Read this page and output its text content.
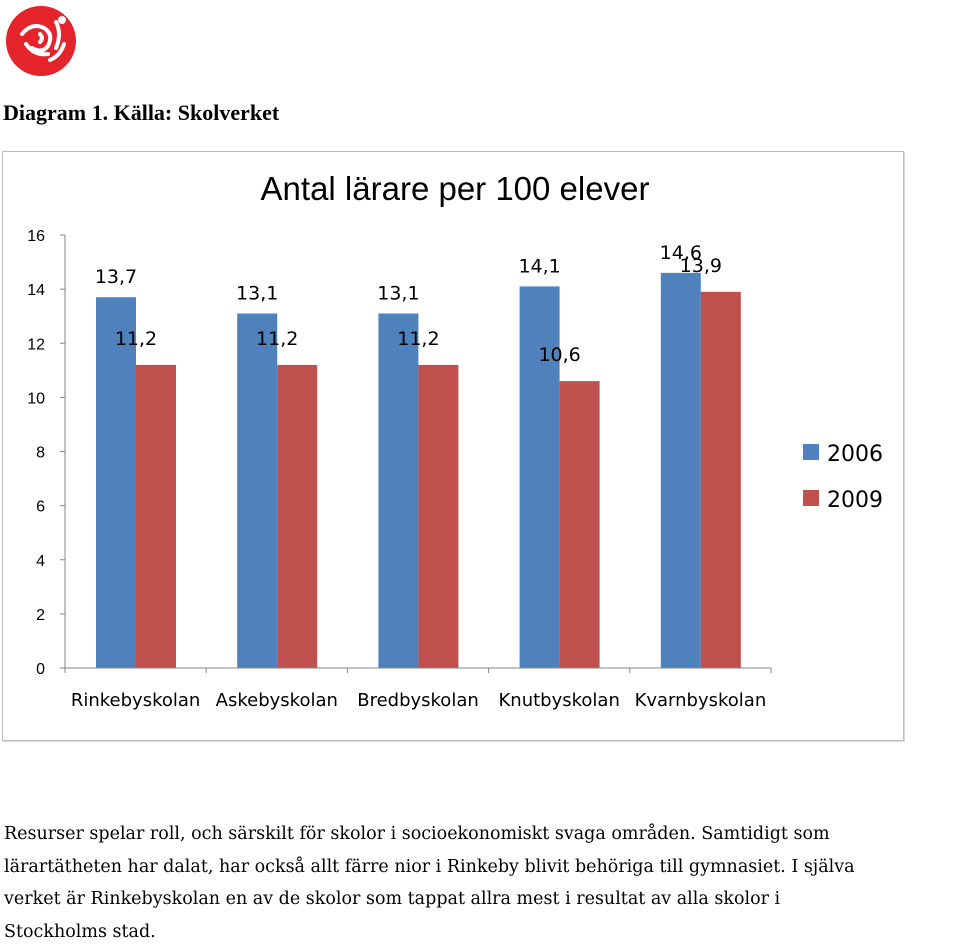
Diagram 1. Källa: Skolverket
Antal lärare per 100 elever
0
2
4
6
8
10
12
14
16
13,7
11,2
13,1
11,2
13,1
11,2
14,1
10,6
14,6
13,9
Rinkebyskolan Askebyskolan Bredbyskolan Knutbyskolan Kvarnbyskolan
2006
2009

Resurser spelar roll, och särskilt för skolor i socioekonomiskt svaga områden. Samtidigt som

lärartätheten har dalat, har också allt färre nior i Rinkeby blivit behöriga till gymnasiet. I själva

verket är Rinkebyskolan en av de skolor som tappat allra mest i resultat av alla skolor i

Stockholms stad.
